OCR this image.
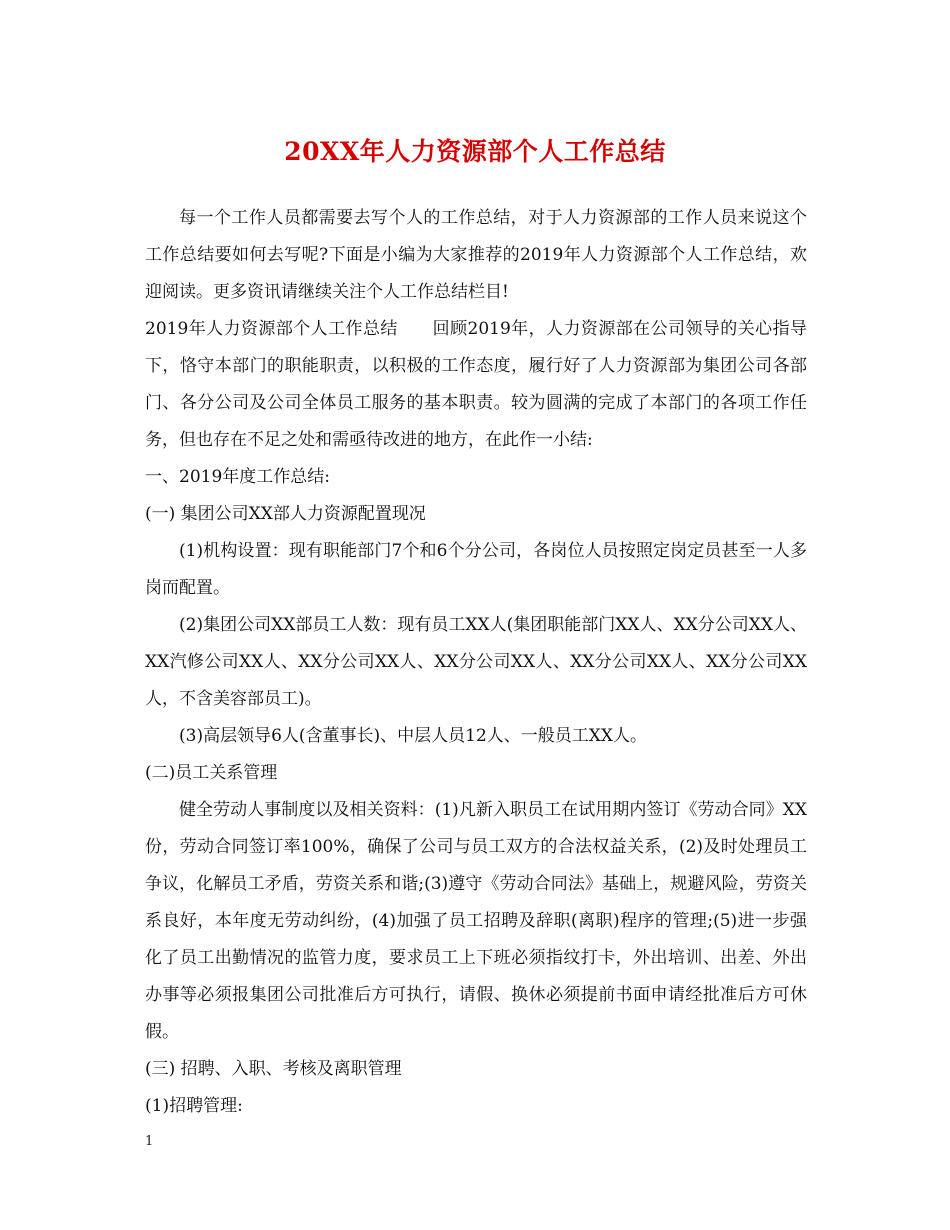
20XX年人力资源部个人工作总结

每一个工作人员都需要去写个人的工作总结，对于人力资源部的工作人员来说这个工作总结要如何去写呢?下面是小编为大家推荐的2019年人力资源部个人工作总结，欢迎阅读。更多资讯请继续关注个人工作总结栏目!

2019年人力资源部个人工作总结　　回顾2019年，人力资源部在公司领导的关心指导下，恪守本部门的职能职责，以积极的工作态度，履行好了人力资源部为集团公司各部门、各分公司及公司全体员工服务的基本职责。较为圆满的完成了本部门的各项工作任务，但也存在不足之处和需亟待改进的地方，在此作一小结:

一、2019年度工作总结:

(一) 集团公司XX部人力资源配置现况

(1)机构设置：现有职能部门7个和6个分公司，各岗位人员按照定岗定员甚至一人多岗而配置。

(2)集团公司XX部员工人数：现有员工XX人(集团职能部门XX人、XX分公司XX人、XX汽修公司XX人、XX分公司XX人、XX分公司XX人、XX分公司XX人、XX分公司XX人，不含美容部员工)。

(3)高层领导6人(含董事长)、中层人员12人、一般员工XX人。

(二)员工关系管理

健全劳动人事制度以及相关资料：(1)凡新入职员工在试用期内签订《劳动合同》XX份，劳动合同签订率100%，确保了公司与员工双方的合法权益关系，(2)及时处理员工争议，化解员工矛盾，劳资关系和谐;(3)遵守《劳动合同法》基础上，规避风险，劳资关系良好，本年度无劳动纠纷，(4)加强了员工招聘及辞职(离职)程序的管理;(5)进一步强化了员工出勤情况的监管力度，要求员工上下班必须指纹打卡，外出培训、出差、外出办事等必须报集团公司批准后方可执行，请假、换休必须提前书面申请经批准后方可休假。

(三) 招聘、入职、考核及离职管理

(1)招聘管理:

1
